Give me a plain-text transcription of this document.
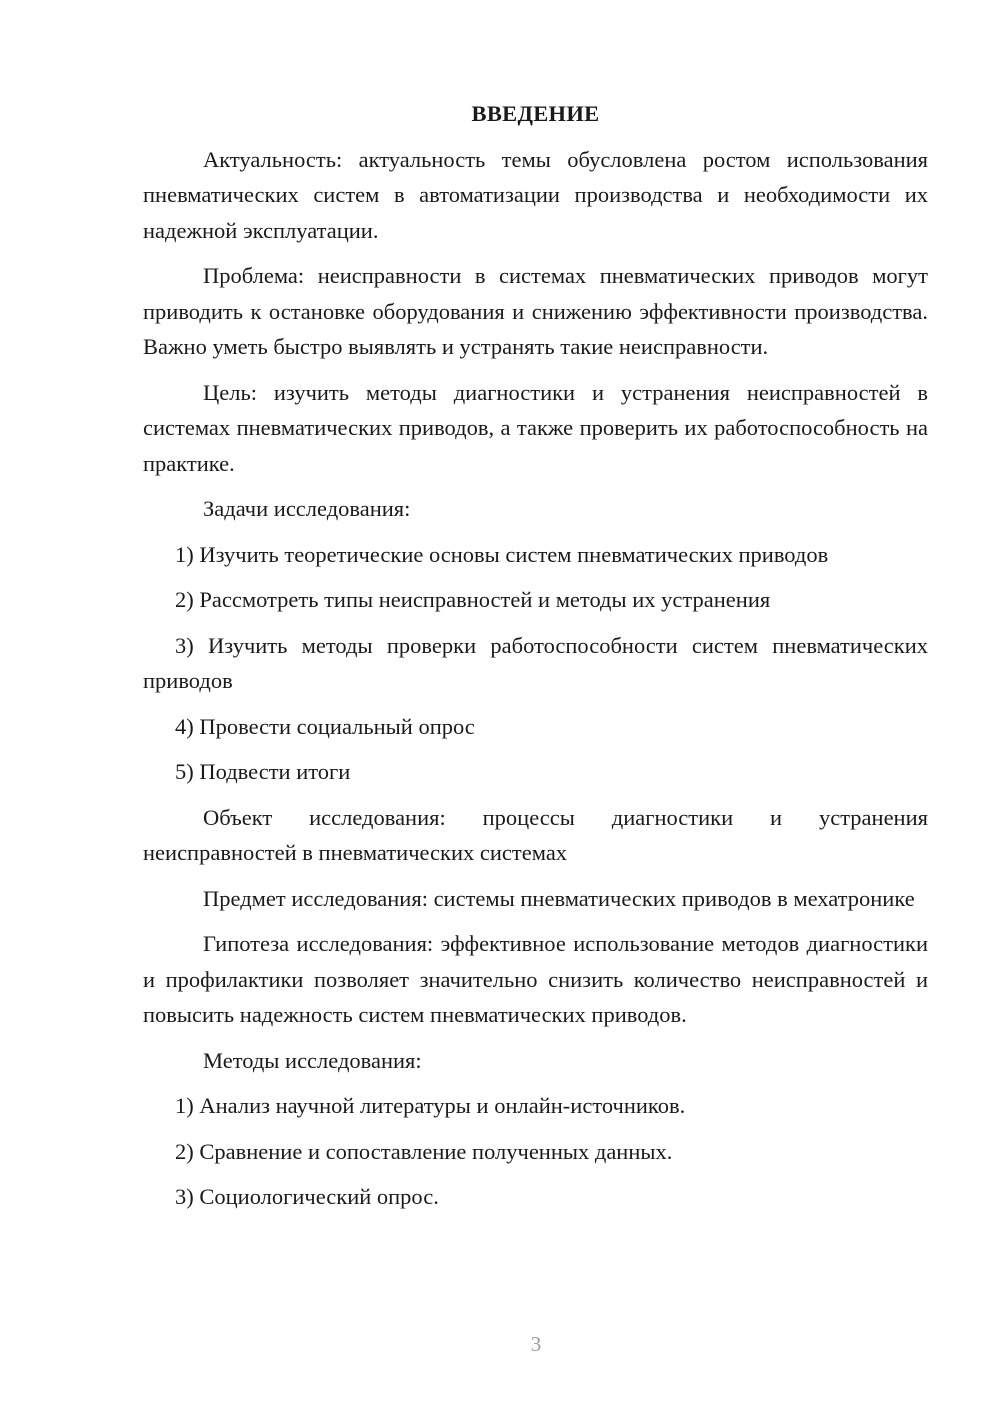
ВВЕДЕНИЕ

Актуальность: актуальность темы обусловлена ростом использования пневматических систем в автоматизации производства и необходимости их надежной эксплуатации.

Проблема: неисправности в системах пневматических приводов могут приводить к остановке оборудования и снижению эффективности производства. Важно уметь быстро выявлять и устранять такие неисправности.

Цель: изучить методы диагностики и устранения неисправностей в системах пневматических приводов, а также проверить их работоспособность на практике.

Задачи исследования:

1) Изучить теоретические основы систем пневматических приводов

2) Рассмотреть типы неисправностей и методы их устранения

3) Изучить методы проверки работоспособности систем пневматических приводов

4) Провести социальный опрос

5) Подвести итоги

Объект исследования: процессы диагностики и устранения неисправностей в пневматических системах

Предмет исследования: системы пневматических приводов в мехатронике

Гипотеза исследования: эффективное использование методов диагностики и профилактики позволяет значительно снизить количество неисправностей и повысить надежность систем пневматических приводов.

Методы исследования:

1) Анализ научной литературы и онлайн-источников.

2) Сравнение и сопоставление полученных данных.

3) Социологический опрос.

3
